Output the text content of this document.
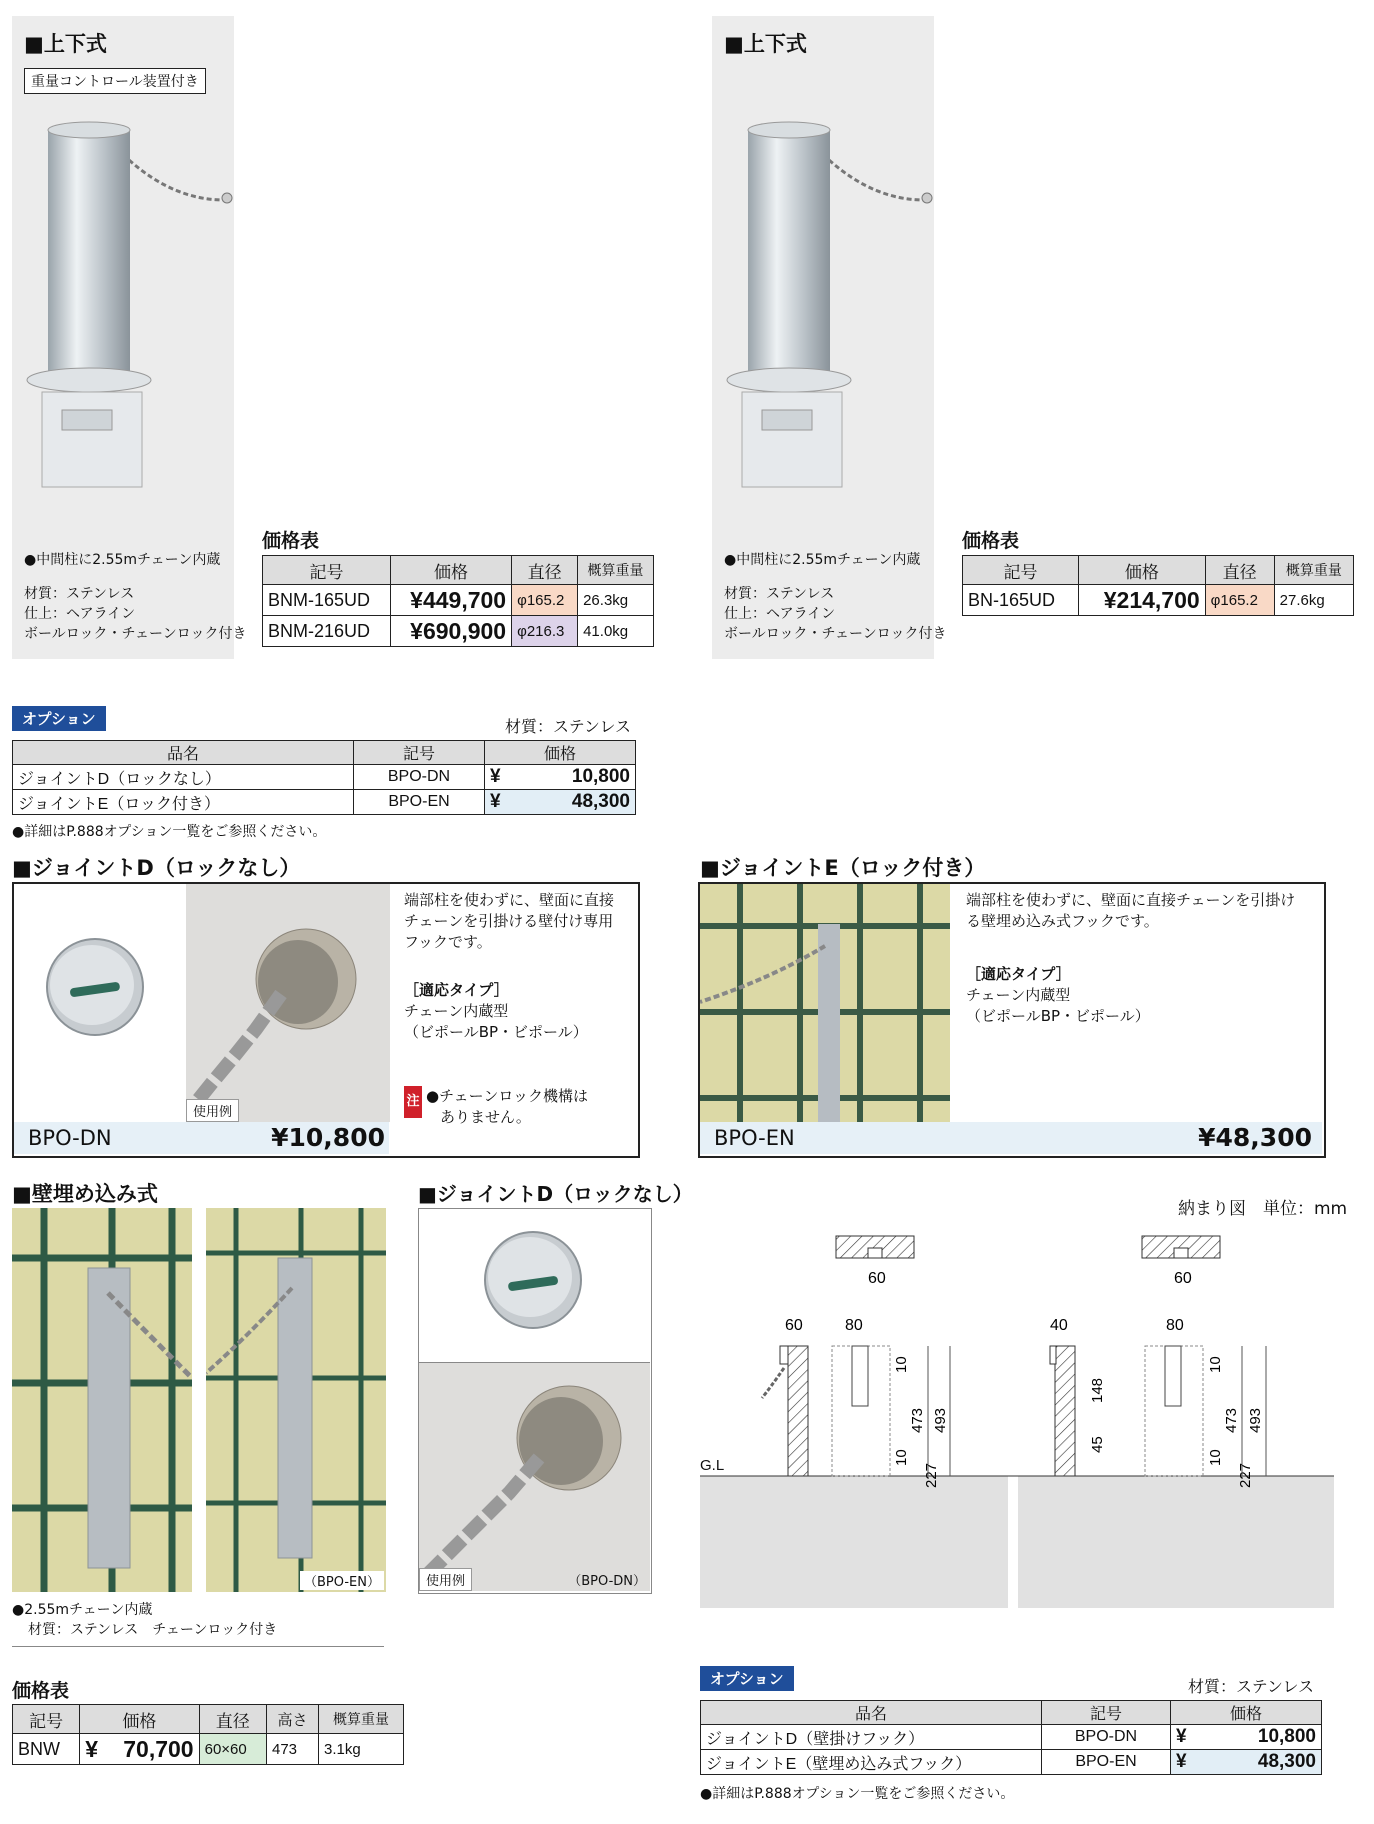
■上下式
重量コントロール装置付き
●中間柱に2.55mチェーン内蔵
材質：ステンレス
仕上：ヘアライン
ボールロック・チェーンロック付き
価格表
記号	価格	直径	概算重量
BNM-165UD	¥449,700	φ165.2	26.3kg
BNM-216UD	¥690,900	φ216.3	41.0kg
■上下式
●中間柱に2.55mチェーン内蔵
材質：ステンレス
仕上：ヘアライン
ボールロック・チェーンロック付き
価格表
記号	価格	直径	概算重量
BN-165UD	¥214,700	φ165.2	27.6kg
オプション	材質：ステンレス
品名	記号	価格
ジョイントD（ロックなし）	BPO-DN	¥ 10,800

ジョイントE（ロック付き）	BPO-EN	¥ 48,300
●詳細はP.888オプション一覧をご参照ください。
■ジョイントD（ロックなし）
使用例
端部柱を使わずに、壁面に直接
チェーンを引掛ける壁付け専用
フックです。
［適応タイプ］
チェーン内蔵型
（ビポールBP・ビポール）
注 ●チェーンロック機構は
ありません。
BPO-DN	¥10,800
■ジョイントE（ロック付き）
端部柱を使わずに、壁面に直接チェーンを引掛け
る壁埋め込み式フックです。
［適応タイプ］
チェーン内蔵型
（ビポールBP・ビポール）
BPO-EN	¥48,300
■壁埋め込み式
（BPO-EN）
●2.55mチェーン内蔵
材質：ステンレス　チェーンロック付き
■ジョイントD（ロックなし）
使用例	（BPO-DN）
納まり図　単位：mm
G.L
60
60	80
10
473 493
10
227
60
40	80
148
45
10
473 493
10
227
価格表
記号	価格	直径	高さ	概算重量
BNW	¥ 70,700	60×60	473	3.1kg
オプション	材質：ステンレス
品名	記号	価格
ジョイントD（壁掛けフック）	BPO-DN	¥ 10,800

ジョイントE（壁埋め込み式フック）	BPO-EN	¥ 48,300
●詳細はP.888オプション一覧をご参照ください。
